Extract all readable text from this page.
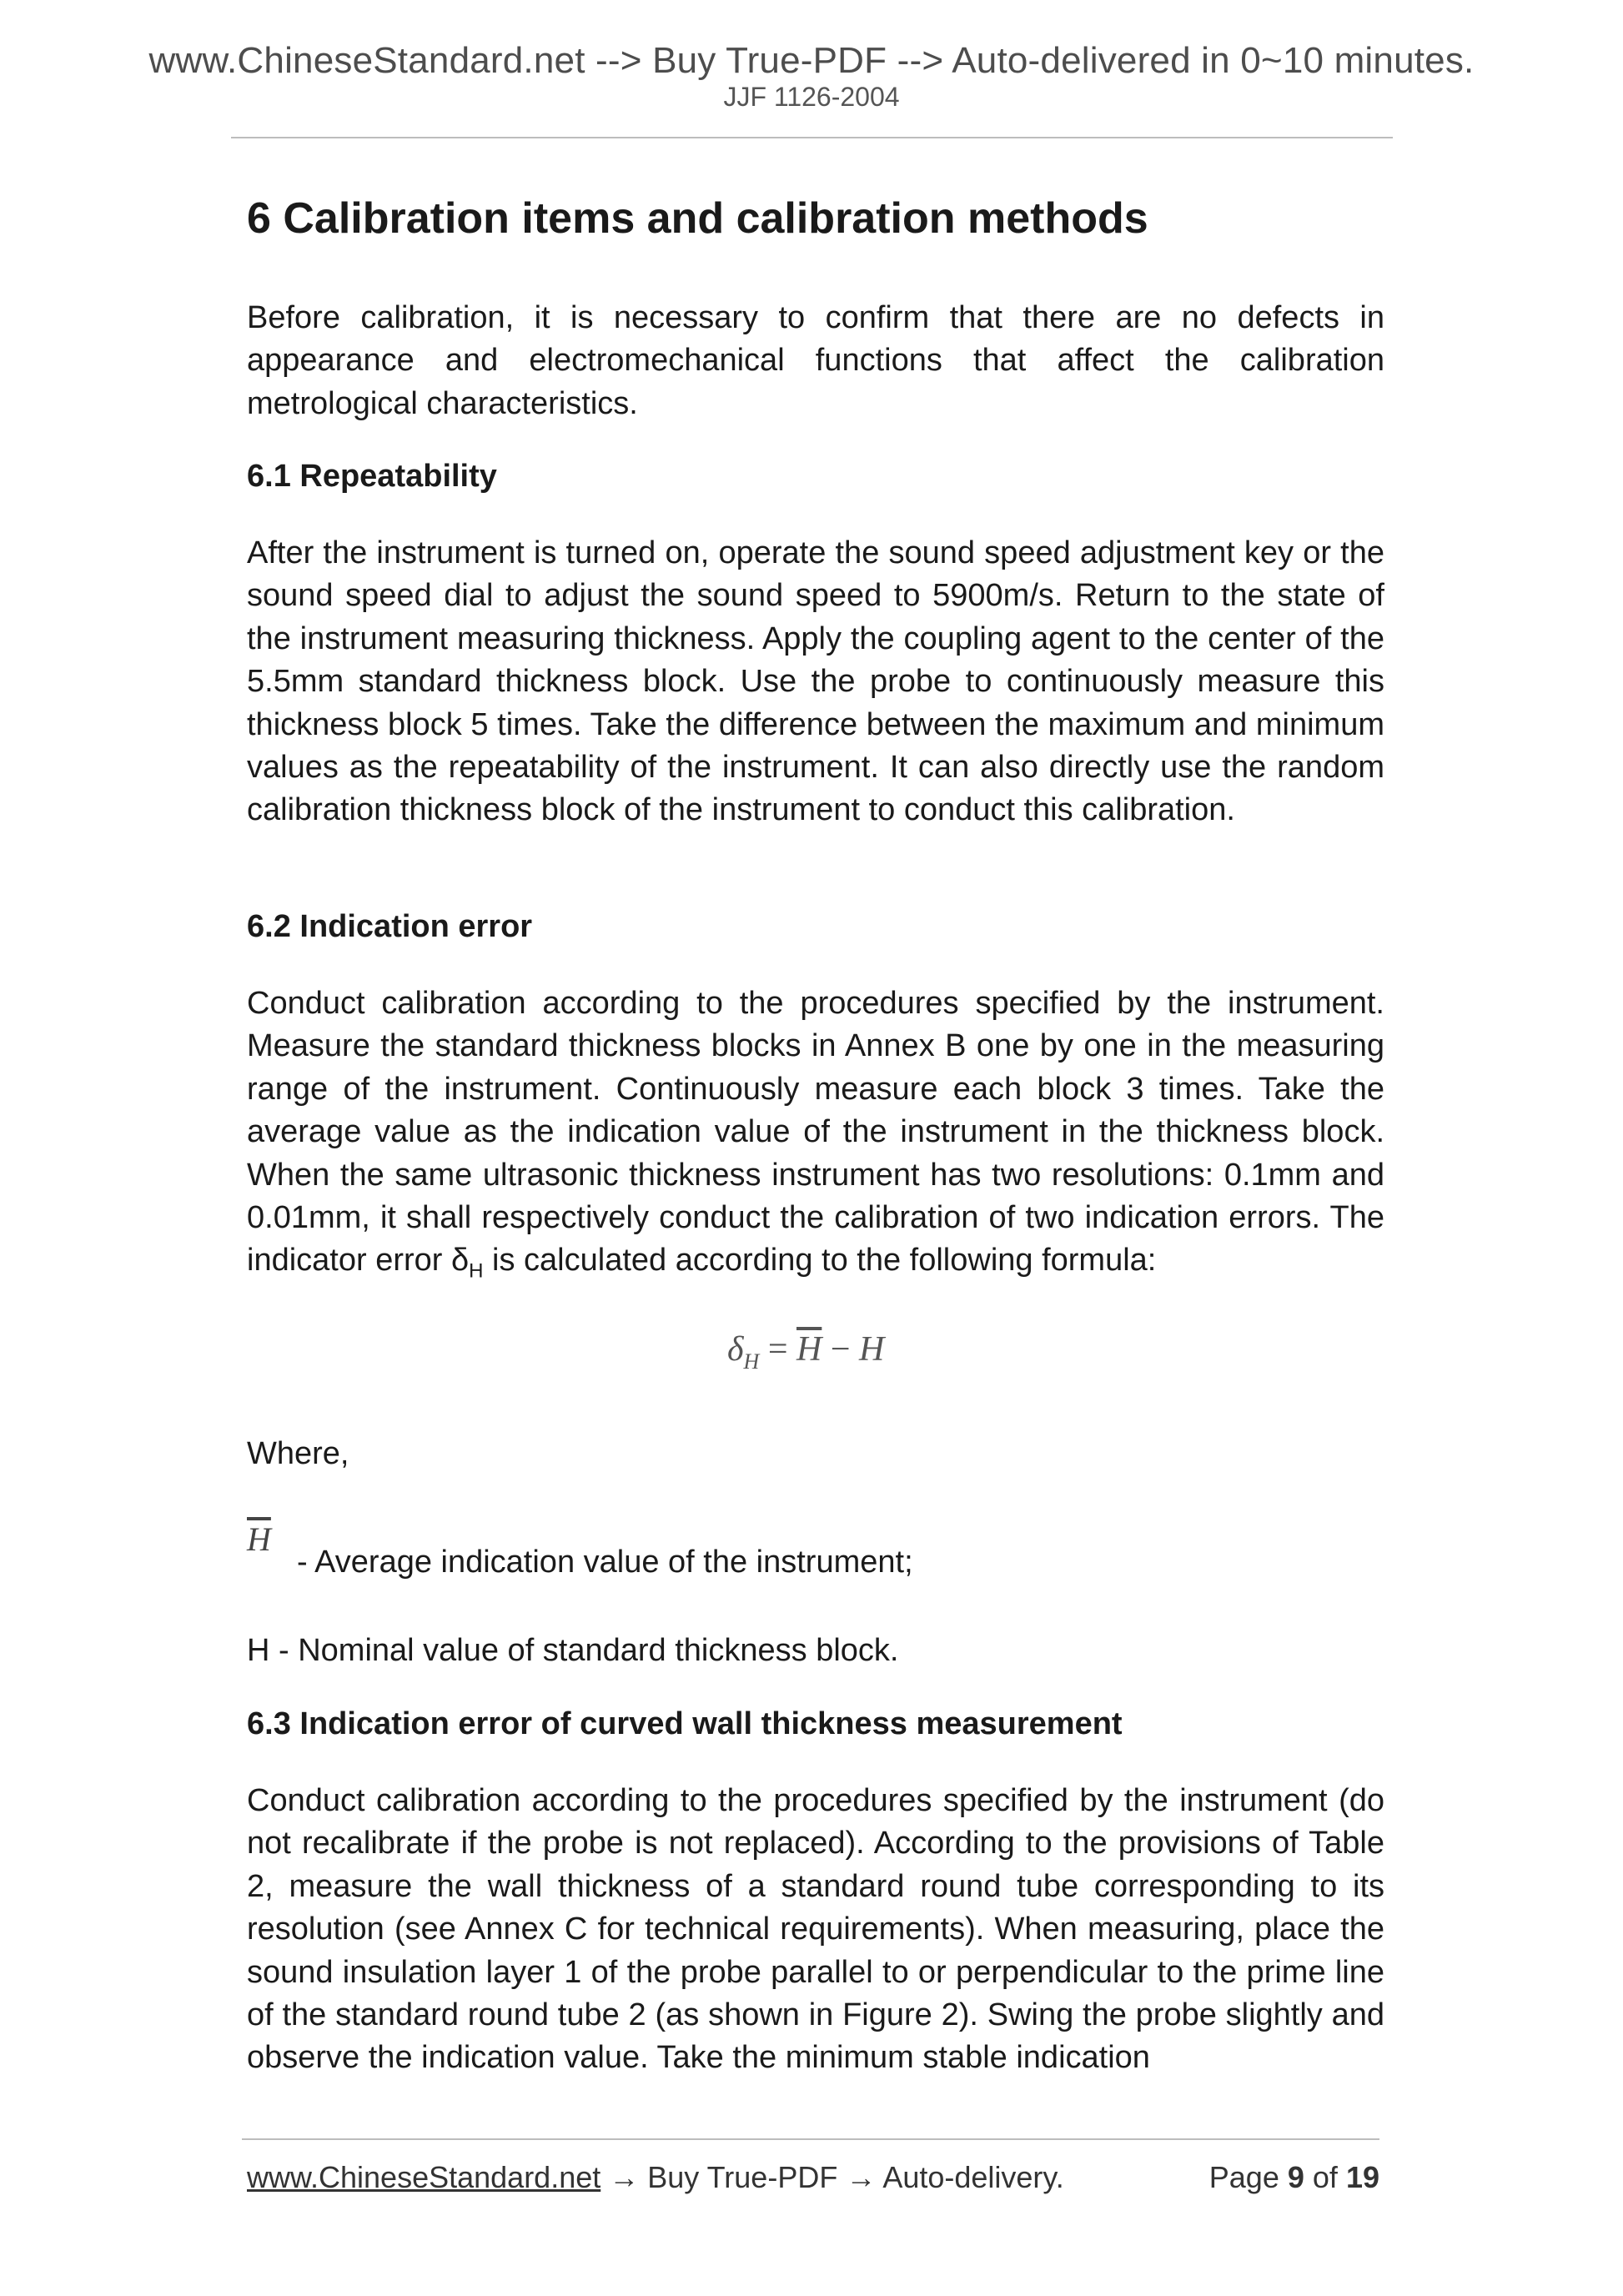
www.ChineseStandard.net --> Buy True-PDF --> Auto-delivered in 0~10 minutes.
JJF 1126-2004
6 Calibration items and calibration methods

Before calibration, it is necessary to confirm that there are no defects in appearance and electromechanical functions that affect the calibration metrological characteristics.

6.1 Repeatability

After the instrument is turned on, operate the sound speed adjustment key or the sound speed dial to adjust the sound speed to 5900m/s. Return to the state of the instrument measuring thickness. Apply the coupling agent to the center of the 5.5mm standard thickness block. Use the probe to continuously measure this thickness block 5 times. Take the difference between the maximum and minimum values as the repeatability of the instrument. It can also directly use the random calibration thickness block of the instrument to conduct this calibration.

6.2 Indication error

Conduct calibration according to the procedures specified by the instrument. Measure the standard thickness blocks in Annex B one by one in the measuring range of the instrument. Continuously measure each block 3 times. Take the average value as the indication value of the instrument in the thickness block. When the same ultrasonic thickness instrument has two resolutions: 0.1mm and 0.01mm, it shall respectively conduct the calibration of two indication errors. The indicator error $\delta_H$ is calculated according to the following formula:

$\delta_H = \overline{H} - H$

Where,

$\overline{H}$
- Average indication value of the instrument;

H - Nominal value of standard thickness block.

6.3 Indication error of curved wall thickness measurement

Conduct calibration according to the procedures specified by the instrument (do not recalibrate if the probe is not replaced). According to the provisions of Table 2, measure the wall thickness of a standard round tube corresponding to its resolution (see Annex C for technical requirements). When measuring, place the sound insulation layer 1 of the probe parallel to or perpendicular to the prime line of the standard round tube 2 (as shown in Figure 2). Swing the probe slightly and observe the indication value. Take the minimum stable indication

www.ChineseStandard.net → Buy True-PDF → Auto-delivery.	Page 9 of 19
